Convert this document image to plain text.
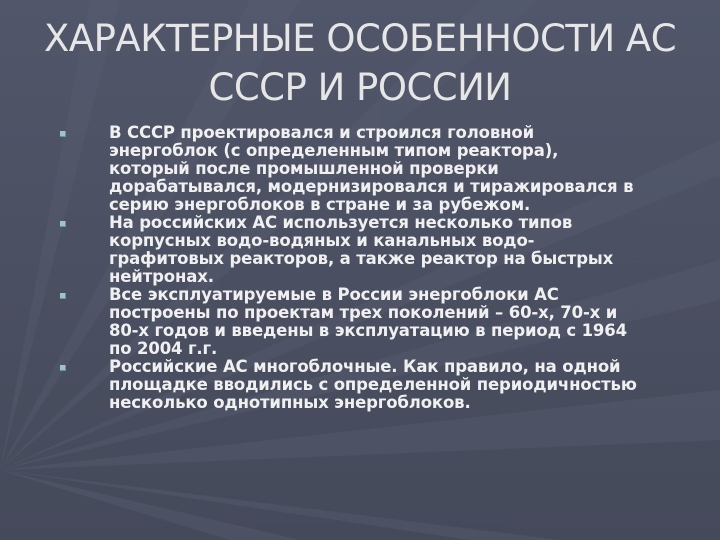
ХАРАКТЕРНЫЕ ОСОБЕННОСТИ АС
СССР И РОССИИ
В СССР проектировался и строился головной
энергоблок (с определенным типом реактора),
который после промышленной проверки
дорабатывался, модернизировался и тиражировался в
серию энергоблоков в стране и за рубежом.
На российских АС используется несколько типов
корпусных водо-водяных и канальных водо-
графитовых реакторов, а также реактор на быстрых
нейтронах.
Все эксплуатируемые в России энергоблоки АС
построены по проектам трех поколений – 60-х, 70-х и
80-х годов и введены в эксплуатацию в период с 1964
по 2004 г.г.
Российские АС многоблочные. Как правило, на одной
площадке вводились с определенной периодичностью
несколько однотипных энергоблоков.
